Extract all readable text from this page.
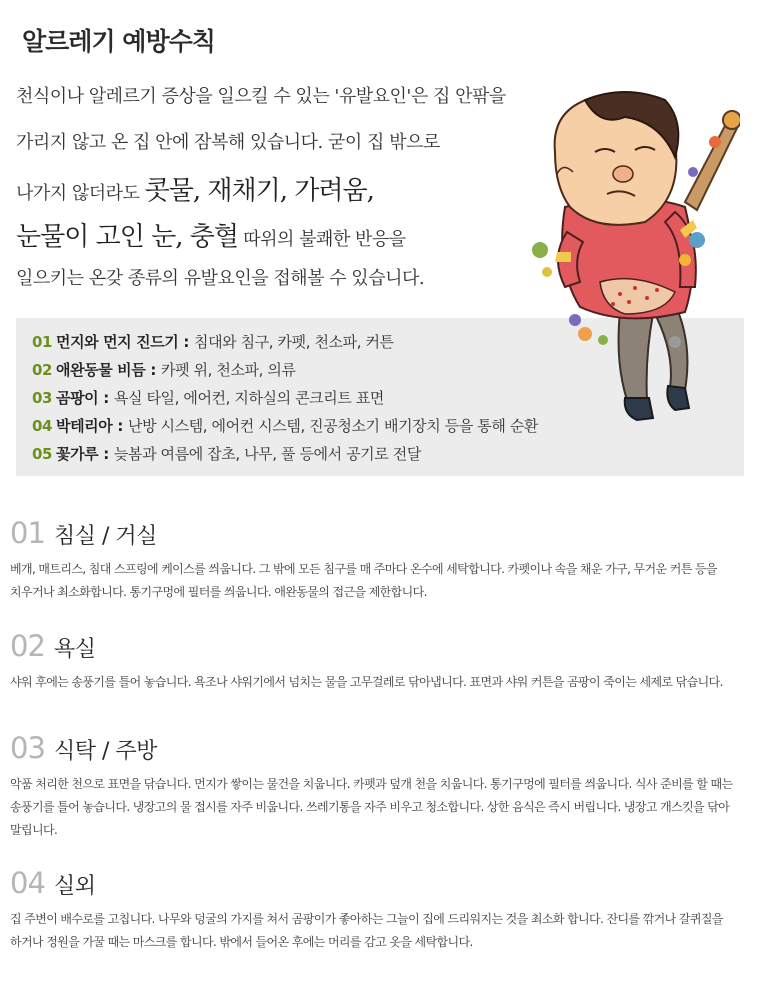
알르레기 예방수칙
천식이나 알레르기 증상을 일으킬 수 있는 '유발요인'은 집 안팎을
가리지 않고 온 집 안에 잠복해 있습니다. 굳이 집 밖으로
나가지 않더라도 콧물, 재채기, 가려움,
눈물이 고인 눈, 충혈 따위의 불쾌한 반응을
일으키는 온갖 종류의 유발요인을 접해볼 수 있습니다.
01 먼지와 먼지 진드기 : 침대와 침구, 카펫, 천소파, 커튼
02 애완동물 비듬 : 카펫 위, 천소파, 의류
03 곰팡이 : 욕실 타일, 에어컨, 지하실의 콘크리트 표면
04 박테리아 : 난방 시스템, 에어컨 시스템, 진공청소기 배기장치 등을 통해 순환
05 꽃가루 : 늦봄과 여름에 잡초, 나무, 풀 등에서 공기로 전달
01 침실 / 거실
베개, 매트리스, 침대 스프링에 케이스를 씌웁니다. 그 밖에 모든 침구를 매 주마다 온수에 세탁합니다. 카펫이나 속을 채운 가구, 무거운 커튼 등을 치우거나 최소화합니다. 통기구멍에 필터를 씌웁니다. 애완동물의 접근을 제한합니다.
02 욕실
샤워 후에는 송풍기를 틀어 놓습니다. 욕조나 샤워기에서 넘치는 물을 고무걸레로 닦아냅니다. 표면과 샤워 커튼을 곰팡이 죽이는 세제로 닦습니다.
03 식탁 / 주방
악품 처리한 천으로 표면을 닦습니다. 먼지가 쌓이는 물건을 치웁니다. 카펫과 덮개 천을 치웁니다. 통기구멍에 필터를 씌웁니다. 식사 준비를 할 때는 송풍기를 틀어 놓습니다. 냉장고의 물 접시를 자주 비웁니다. 쓰레기통을 자주 비우고 청소합니다. 상한 음식은 즉시 버립니다. 냉장고 개스킷을 닦아 말립니다.
04 실외
집 주변이 배수로를 고칩니다. 나무와 덩굴의 가지를 쳐서 곰팡이가 좋아하는 그늘이 집에 드리워지는 것을 최소화 합니다. 잔디를 깎거나 갈퀴질을 하거나 정원을 가꿀 때는 마스크를 합니다. 밖에서 들어온 후에는 머리를 감고 옷을 세탁합니다.
